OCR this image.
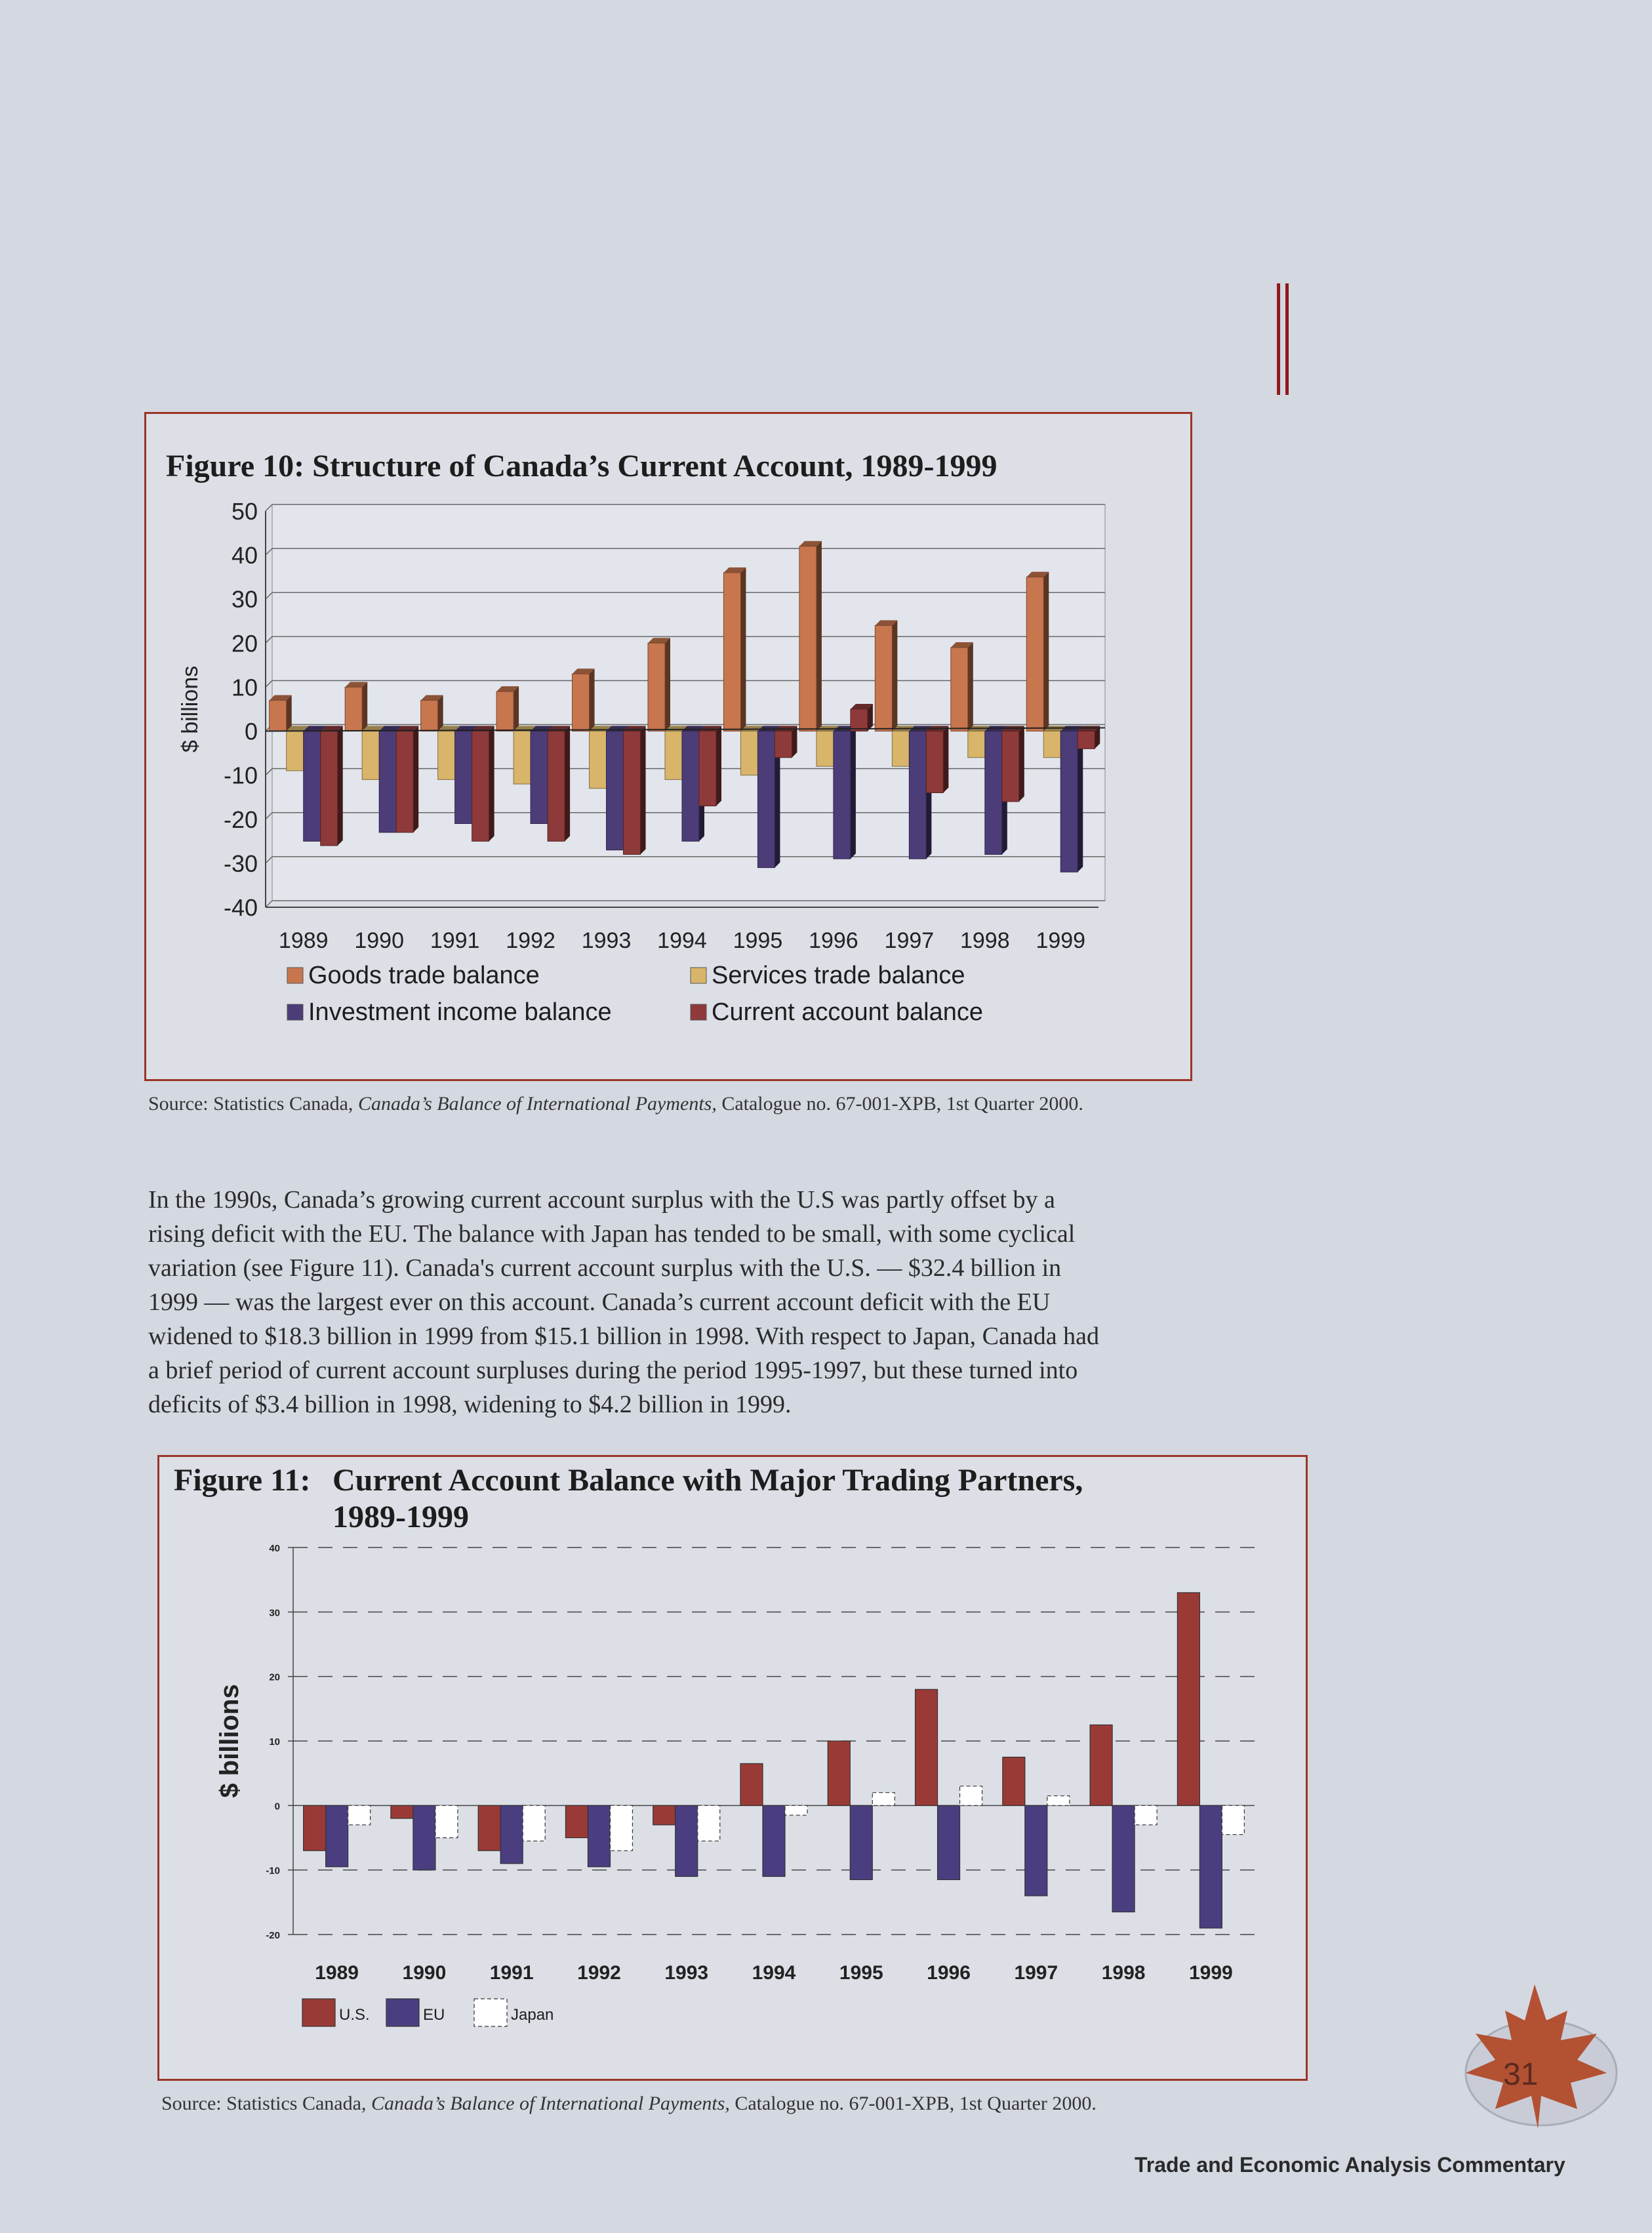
Figure 10: Structure of Canada’s Current Account, 1989-1999
50
40
30
20
10
0
-10
-20
-30
-40
$ billions
1989 1990 1991 1992 1993 1994 1995 1996 1997 1998 1999
Goods trade balance	Services trade balance
Investment income balance	Current account balance
Source: Statistics Canada, Canada’s Balance of International Payments, Catalogue no. 67-001-XPB, 1st Quarter 2000.

In the 1990s, Canada’s growing current account surplus with the U.S was partly offset by a rising deficit with the EU. The balance with Japan has tended to be small, with some cyclical variation (see Figure 11). Canada's current account surplus with the U.S. — $32.4 billion in 1999 — was the largest ever on this account. Canada’s current account deficit with the EU widened to $18.3 billion in 1999 from $15.1 billion in 1998. With respect to Japan, Canada had a brief period of current account surpluses during the period 1995-1997, but these turned into deficits of $3.4 billion in 1998, widening to $4.2 billion in 1999.

Figure 11: Current Account Balance with Major Trading Partners,
1989-1999
40
30
20
10
0
-10
-20
$ billions
1989 1990 1991 1992 1993 1994 1995 1996 1997 1998 1999
U.S.	EU	Japan
Source: Statistics Canada, Canada’s Balance of International Payments, Catalogue no. 67-001-XPB, 1st Quarter 2000.
31
Trade and Economic Analysis Commentary
